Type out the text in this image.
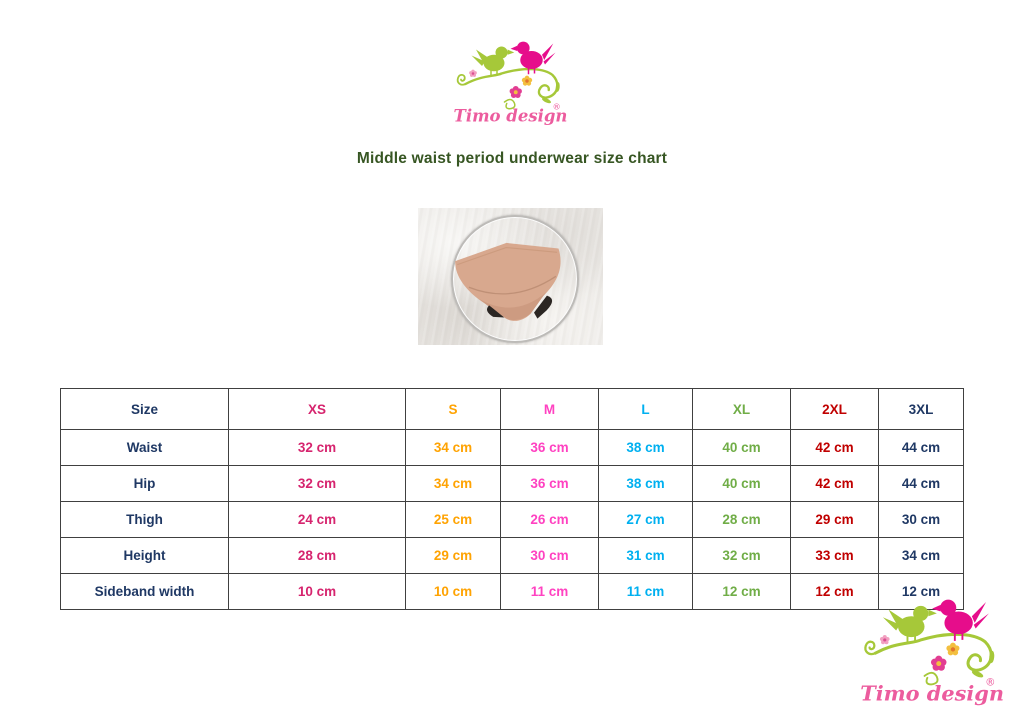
Middle waist period underwear size chart
Size	XS	S	M	L	XL	2XL	3XL
Waist	32 cm	34 cm	36 cm	38 cm	40 cm	42 cm	44 cm
Hip	32 cm	34 cm	36 cm	38 cm	40 cm	42 cm	44 cm
Thigh	24 cm	25 cm	26 cm	27 cm	28 cm	29 cm	30 cm
Height	28 cm	29 cm	30 cm	31 cm	32 cm	33 cm	34 cm
Sideband width	10 cm	10 cm	11 cm	11 cm	12 cm	12 cm	12 cm
